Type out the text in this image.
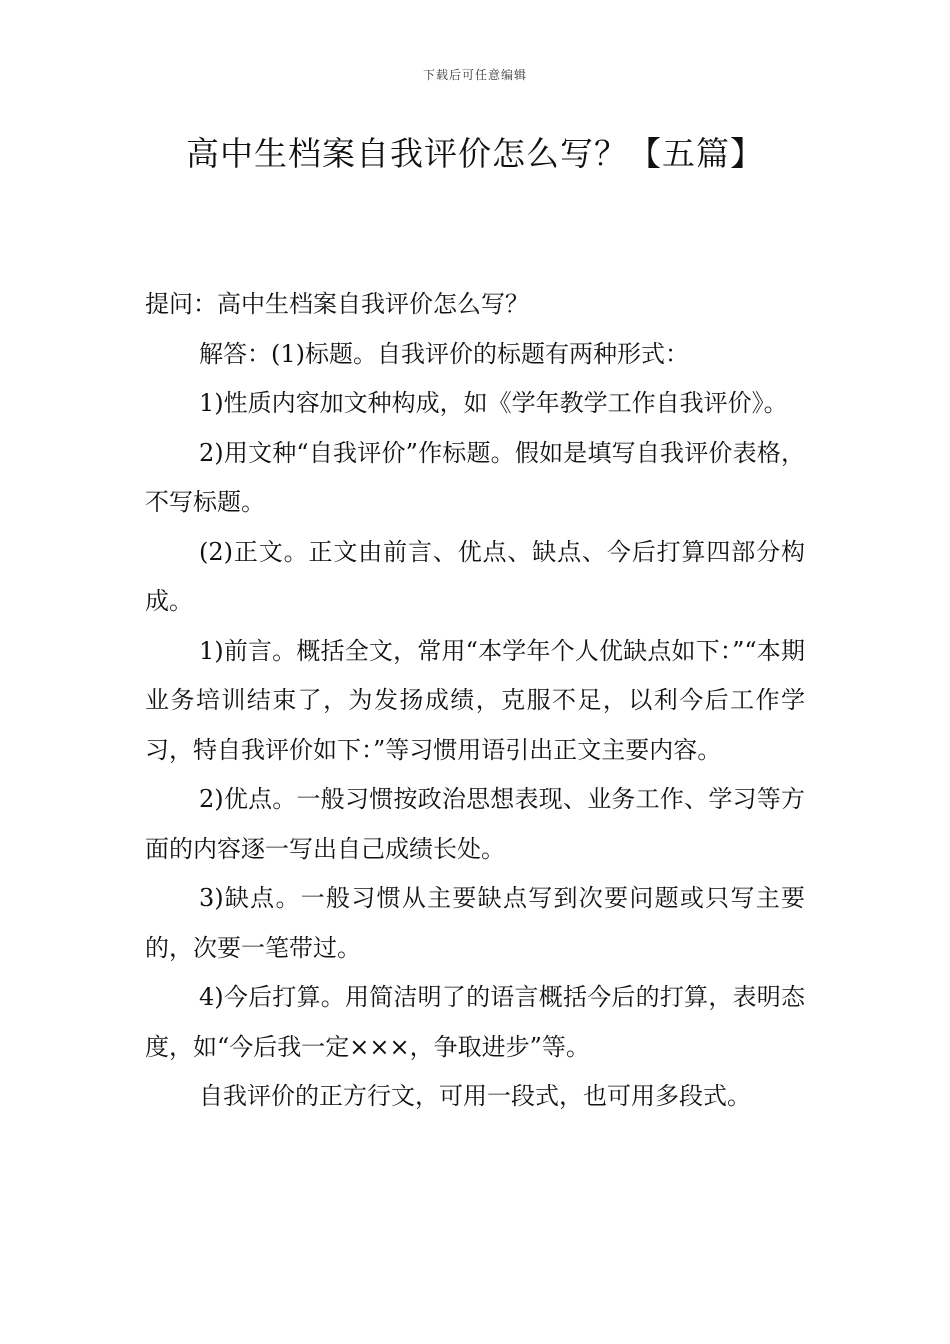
下载后可任意编辑
高中生档案自我评价怎么写？【五篇】

提问：高中生档案自我评价怎么写？

解答：(1)标题。自我评价的标题有两种形式：

1)性质内容加文种构成，如《学年教学工作自我评价》。

2)用文种“自我评价”作标题。假如是填写自我评价表格，不写标题。

(2)正文。正文由前言、优点、缺点、今后打算四部分构成。

1)前言。概括全文，常用“本学年个人优缺点如下：”“本期业务培训结束了，为发扬成绩，克服不足，以利今后工作学习，特自我评价如下：”等习惯用语引出正文主要内容。

2)优点。一般习惯按政治思想表现、业务工作、学习等方面的内容逐一写出自己成绩长处。

3)缺点。一般习惯从主要缺点写到次要问题或只写主要的，次要一笔带过。

4)今后打算。用简洁明了的语言概括今后的打算，表明态度，如“今后我一定×××，争取进步”等。

自我评价的正方行文，可用一段式，也可用多段式。
